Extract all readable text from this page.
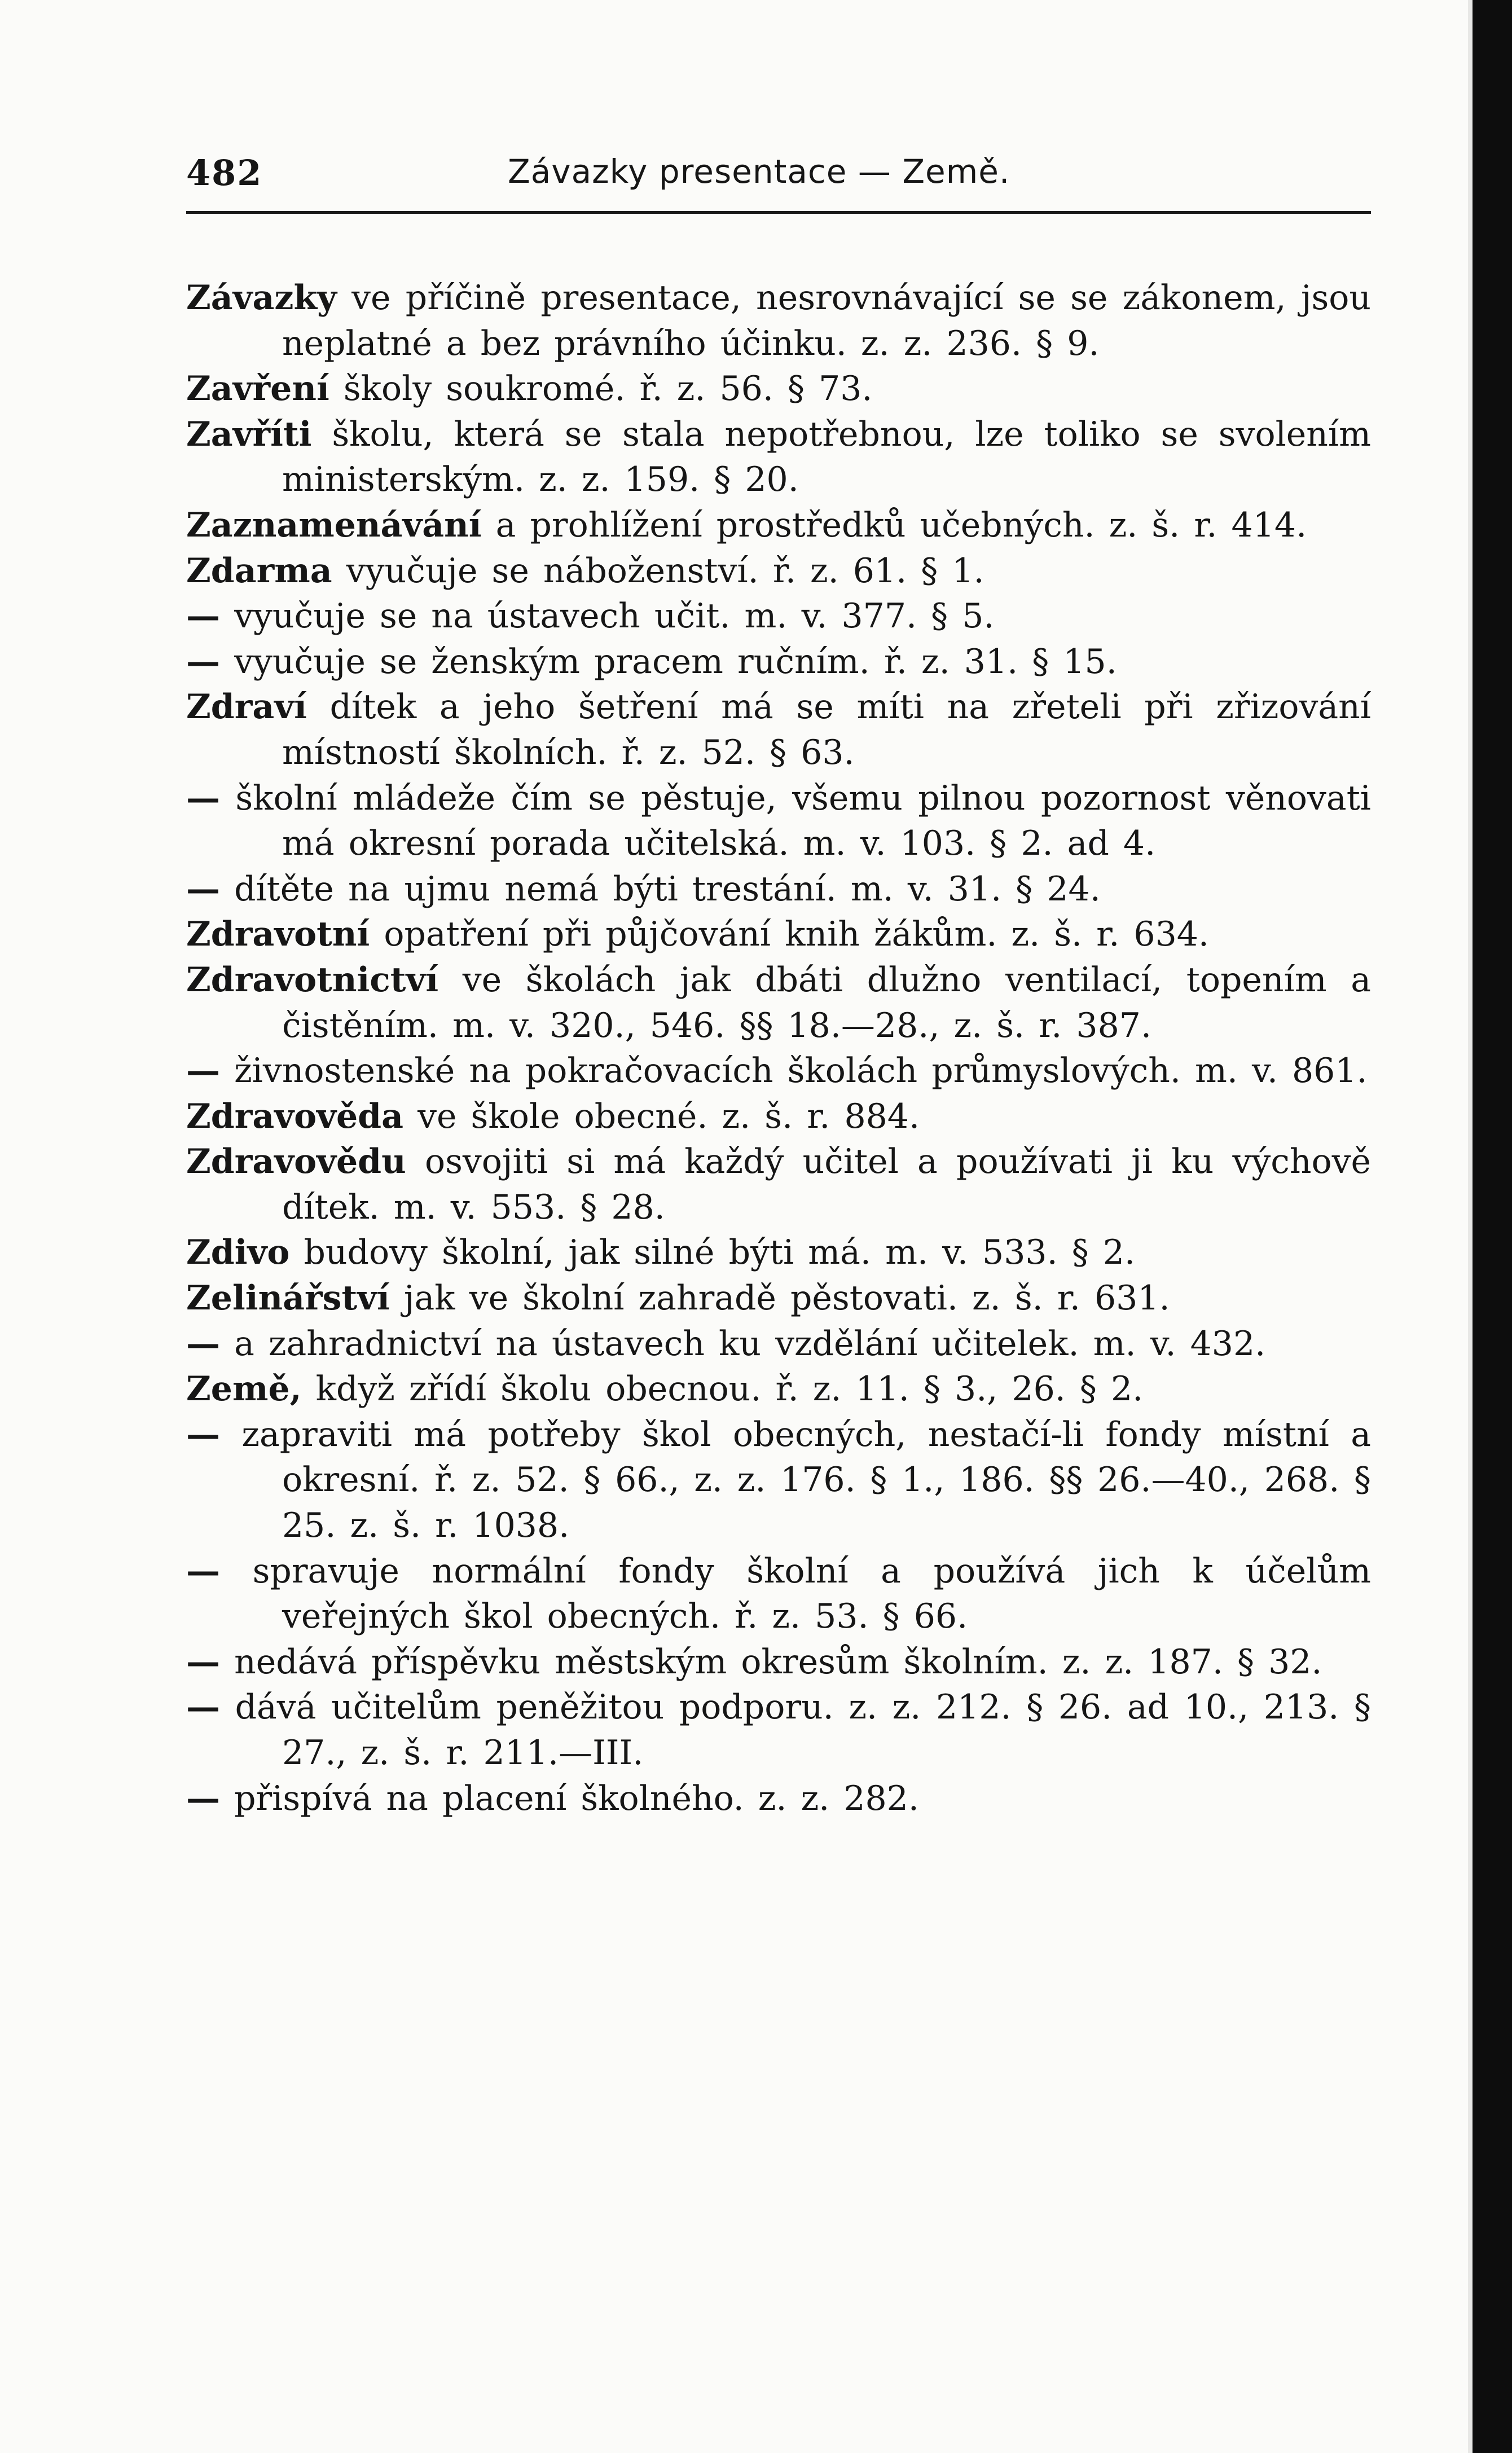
482	Závazky presentace — Země.
Závazky ve příčině presentace, nesrovnávající se se zákonem, jsou neplatné a bez právního účinku. z. z. 236. § 9.
Zavření školy soukromé. ř. z. 56. § 73.
Zavříti školu, která se stala nepotřebnou, lze toliko se svolením ministerským. z. z. 159. § 20.
Zaznamenávání a prohlížení prostředků učebných. z. š. r. 414.
Zdarma vyučuje se náboženství. ř. z. 61. § 1.
— vyučuje se na ústavech učit. m. v. 377. § 5.
— vyučuje se ženským pracem ručním. ř. z. 31. § 15.
Zdraví dítek a jeho šetření má se míti na zřeteli při zřizování místností školních. ř. z. 52. § 63.
— školní mládeže čím se pěstuje, všemu pilnou pozornost věnovati má okresní porada učitelská. m. v. 103. § 2. ad 4.
— dítěte na ujmu nemá býti trestání. m. v. 31. § 24.
Zdravotní opatření při půjčování knih žákům. z. š. r. 634.
Zdravotnictví ve školách jak dbáti dlužno ventilací, topením a čistěním. m. v. 320., 546. §§ 18.—28., z. š. r. 387.
— živnostenské na pokračovacích školách průmyslových. m. v. 861.
Zdravověda ve škole obecné. z. š. r. 884.
Zdravovědu osvojiti si má každý učitel a používati ji ku výchově dítek. m. v. 553. § 28.
Zdivo budovy školní, jak silné býti má. m. v. 533. § 2.
Zelinářství jak ve školní zahradě pěstovati. z. š. r. 631.
— a zahradnictví na ústavech ku vzdělání učitelek. m. v. 432.
Země, když zřídí školu obecnou. ř. z. 11. § 3., 26. § 2.
— zapraviti má potřeby škol obecných, nestačí-li fondy místní a okresní. ř. z. 52. § 66., z. z. 176. § 1., 186. §§ 26.—40., 268. § 25. z. š. r. 1038.
— spravuje normální fondy školní a používá jich k účelům veřejných škol obecných. ř. z. 53. § 66.
— nedává příspěvku městským okresům školním. z. z. 187. § 32.
— dává učitelům peněžitou podporu. z. z. 212. § 26. ad 10., 213. § 27., z. š. r. 211.—III.
— přispívá na placení školného. z. z. 282.
